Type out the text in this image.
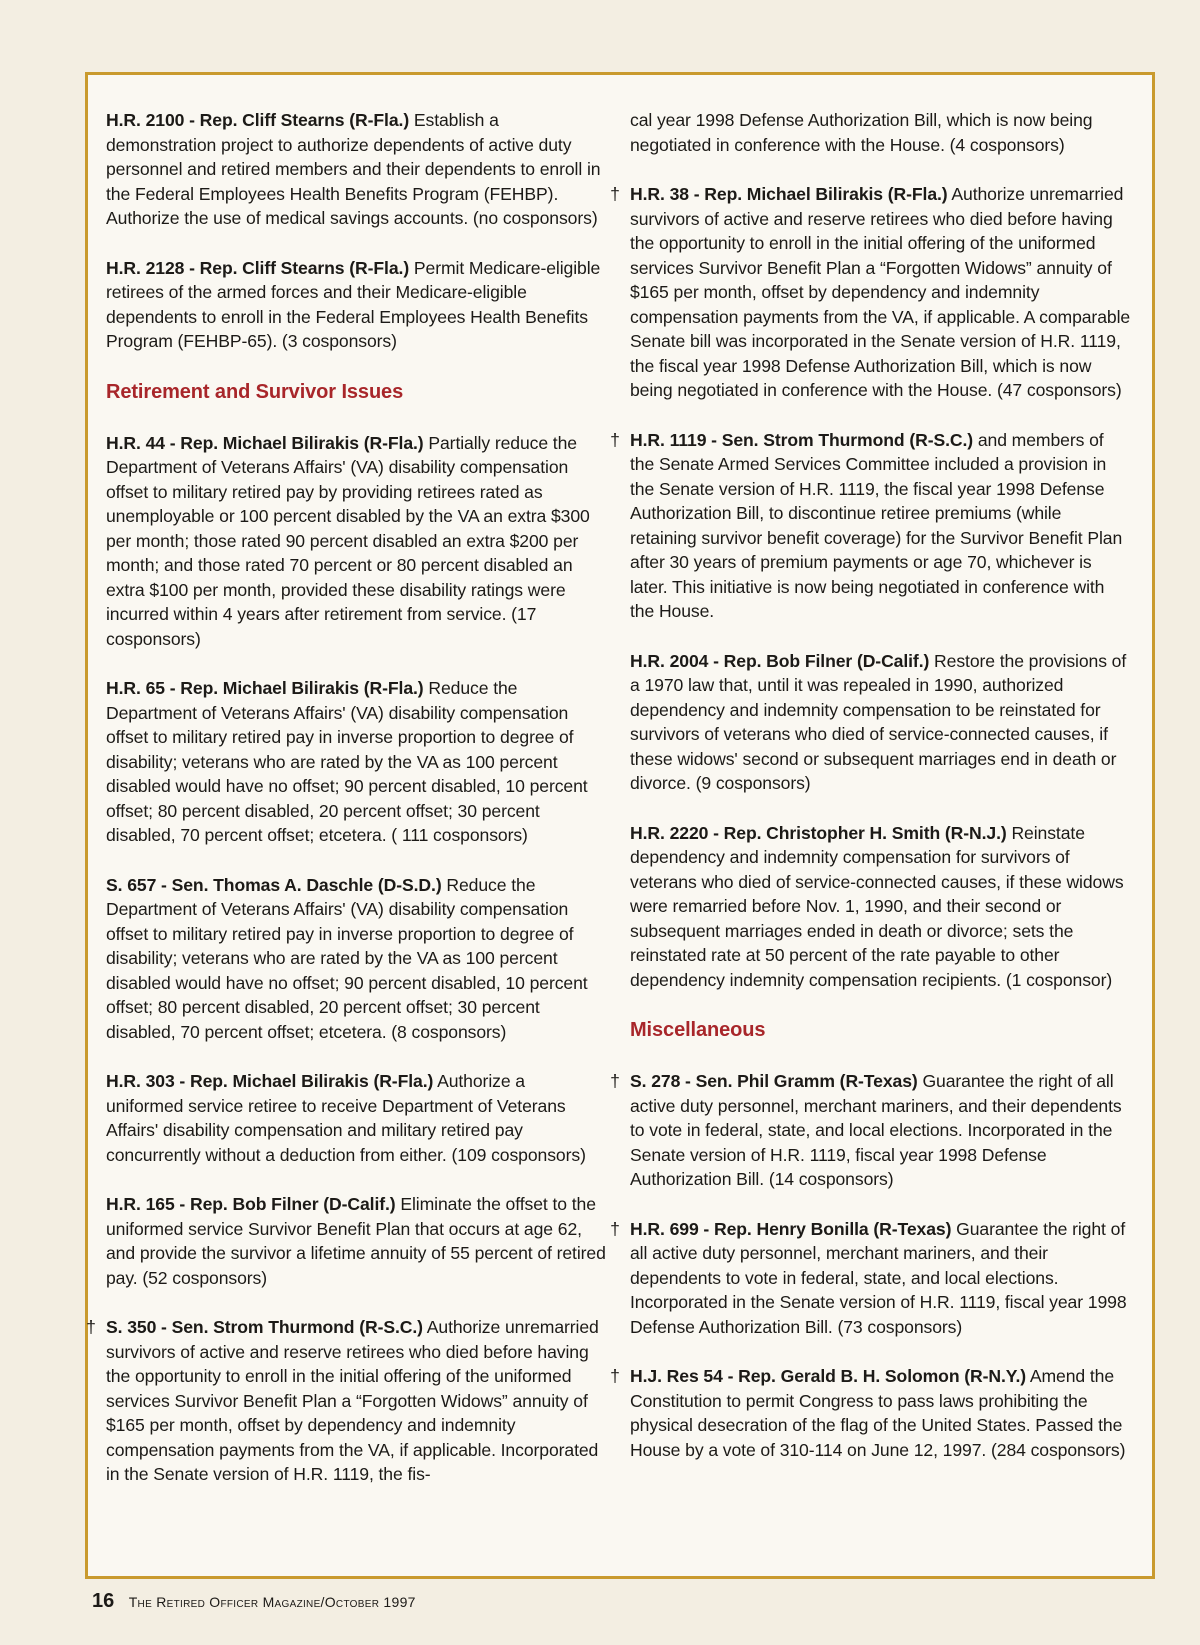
H.R. 2100 - Rep. Cliff Stearns (R-Fla.) Establish a demonstration project to authorize dependents of active duty personnel and retired members and their dependents to enroll in the Federal Employees Health Benefits Program (FEHBP). Authorize the use of medical savings accounts. (no cosponsors)
H.R. 2128 - Rep. Cliff Stearns (R-Fla.) Permit Medicare-eligible retirees of the armed forces and their Medicare-eligible dependents to enroll in the Federal Employees Health Benefits Program (FEHBP-65). (3 cosponsors)
Retirement and Survivor Issues
H.R. 44 - Rep. Michael Bilirakis (R-Fla.) Partially reduce the Department of Veterans Affairs' (VA) disability compensation offset to military retired pay by providing retirees rated as unemployable or 100 percent disabled by the VA an extra $300 per month; those rated 90 percent disabled an extra $200 per month; and those rated 70 percent or 80 percent disabled an extra $100 per month, provided these disability ratings were incurred within 4 years after retirement from service. (17 cosponsors)
H.R. 65 - Rep. Michael Bilirakis (R-Fla.) Reduce the Department of Veterans Affairs' (VA) disability compensation offset to military retired pay in inverse proportion to degree of disability; veterans who are rated by the VA as 100 percent disabled would have no offset; 90 percent disabled, 10 percent offset; 80 percent disabled, 20 percent offset; 30 percent disabled, 70 percent offset; etcetera. ( 111 cosponsors)
S. 657 - Sen. Thomas A. Daschle (D-S.D.) Reduce the Department of Veterans Affairs' (VA) disability compensation offset to military retired pay in inverse proportion to degree of disability; veterans who are rated by the VA as 100 percent disabled would have no offset; 90 percent disabled, 10 percent offset; 80 percent disabled, 20 percent offset; 30 percent disabled, 70 percent offset; etcetera. (8 cosponsors)
H.R. 303 - Rep. Michael Bilirakis (R-Fla.) Authorize a uniformed service retiree to receive Department of Veterans Affairs' disability compensation and military retired pay concurrently without a deduction from either. (109 cosponsors)
H.R. 165 - Rep. Bob Filner (D-Calif.) Eliminate the offset to the uniformed service Survivor Benefit Plan that occurs at age 62, and provide the survivor a lifetime annuity of 55 percent of retired pay. (52 cosponsors)
† S. 350 - Sen. Strom Thurmond (R-S.C.) Authorize unremarried survivors of active and reserve retirees who died before having the opportunity to enroll in the initial offering of the uniformed services Survivor Benefit Plan a “Forgotten Widows” annuity of $165 per month, offset by dependency and indemnity compensation payments from the VA, if applicable. Incorporated in the Senate version of H.R. 1119, the fis-
cal year 1998 Defense Authorization Bill, which is now being negotiated in conference with the House. (4 cosponsors)
† H.R. 38 - Rep. Michael Bilirakis (R-Fla.) Authorize unremarried survivors of active and reserve retirees who died before having the opportunity to enroll in the initial offering of the uniformed services Survivor Benefit Plan a “Forgotten Widows” annuity of $165 per month, offset by dependency and indemnity compensation payments from the VA, if applicable. A comparable Senate bill was incorporated in the Senate version of H.R. 1119, the fiscal year 1998 Defense Authorization Bill, which is now being negotiated in conference with the House. (47 cosponsors)
† H.R. 1119 - Sen. Strom Thurmond (R-S.C.) and members of the Senate Armed Services Committee included a provision in the Senate version of H.R. 1119, the fiscal year 1998 Defense Authorization Bill, to discontinue retiree premiums (while retaining survivor benefit coverage) for the Survivor Benefit Plan after 30 years of premium payments or age 70, whichever is later. This initiative is now being negotiated in conference with the House.
H.R. 2004 - Rep. Bob Filner (D-Calif.) Restore the provisions of a 1970 law that, until it was repealed in 1990, authorized dependency and indemnity compensation to be reinstated for survivors of veterans who died of service-connected causes, if these widows' second or subsequent marriages end in death or divorce. (9 cosponsors)
H.R. 2220 - Rep. Christopher H. Smith (R-N.J.) Reinstate dependency and indemnity compensation for survivors of veterans who died of service-connected causes, if these widows were remarried before Nov. 1, 1990, and their second or subsequent marriages ended in death or divorce; sets the reinstated rate at 50 percent of the rate payable to other dependency indemnity compensation recipients. (1 cosponsor)
Miscellaneous
† S. 278 - Sen. Phil Gramm (R-Texas) Guarantee the right of all active duty personnel, merchant mariners, and their dependents to vote in federal, state, and local elections. Incorporated in the Senate version of H.R. 1119, fiscal year 1998 Defense Authorization Bill. (14 cosponsors)
† H.R. 699 - Rep. Henry Bonilla (R-Texas) Guarantee the right of all active duty personnel, merchant mariners, and their dependents to vote in federal, state, and local elections. Incorporated in the Senate version of H.R. 1119, fiscal year 1998 Defense Authorization Bill. (73 cosponsors)
† H.J. Res 54 - Rep. Gerald B. H. Solomon (R-N.Y.) Amend the Constitution to permit Congress to pass laws prohibiting the physical desecration of the flag of the United States. Passed the House by a vote of 310-114 on June 12, 1997. (284 cosponsors)
16 The Retired Officer Magazine/October 1997
